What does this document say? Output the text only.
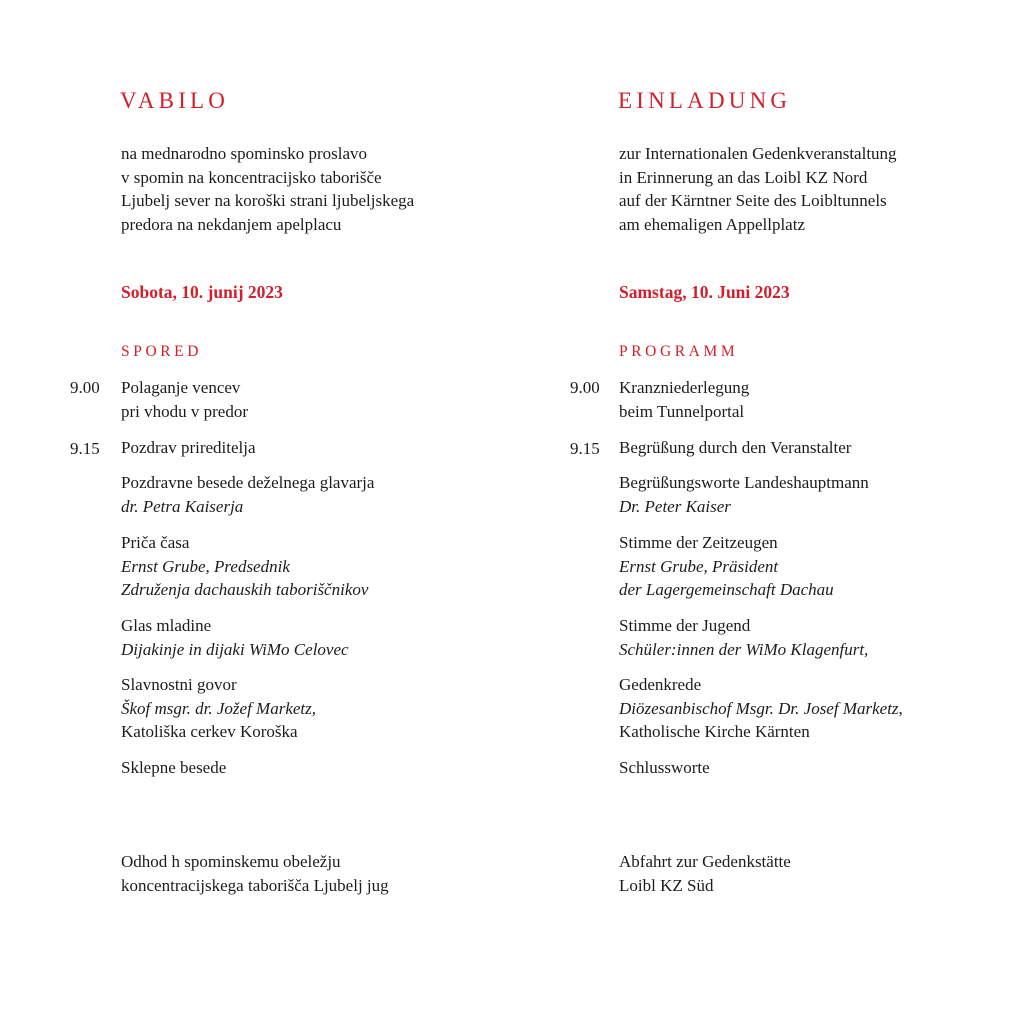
VABILO
na mednarodno spominsko proslavo
v spomin na koncentracijsko taborišče
Ljubelj sever na koroški strani ljubeljskega
predora na nekdanjem apelplacu
Sobota, 10. junij 2023
SPORED
9.00 Polaganje vencev
pri vhodu v predor
9.15 Pozdrav prireditelja
Pozdravne besede deželnega glavarja
dr. Petra Kaiserja
Priča časa
Ernst Grube, Predsednik
Združenja dachauskih taboriščnikov
Glas mladine
Dijakinje in dijaki WiMo Celovec
Slavnostni govor
Škof msgr. dr. Jožef Marketz,
Katoliška cerkev Koroška
Sklepne besede
Odhod h spominskemu obeležju
koncentracijskega taborišča Ljubelj jug
EINLADUNG
zur Internationalen Gedenkveranstaltung
in Erinnerung an das Loibl KZ Nord
auf der Kärntner Seite des Loibltunnels
am ehemaligen Appellplatz
Samstag, 10. Juni 2023
PROGRAMM
9.00 Kranzniederlegung
beim Tunnelportal
9.15 Begrüßung durch den Veranstalter
Begrüßungsworte Landeshauptmann
Dr. Peter Kaiser
Stimme der Zeitzeugen
Ernst Grube, Präsident
der Lagergemeinschaft Dachau
Stimme der Jugend
Schüler:innen der WiMo Klagenfurt,
Gedenkrede
Diözesanbischof Msgr. Dr. Josef Marketz,
Katholische Kirche Kärnten
Schlussworte
Abfahrt zur Gedenkstätte
Loibl KZ Süd
